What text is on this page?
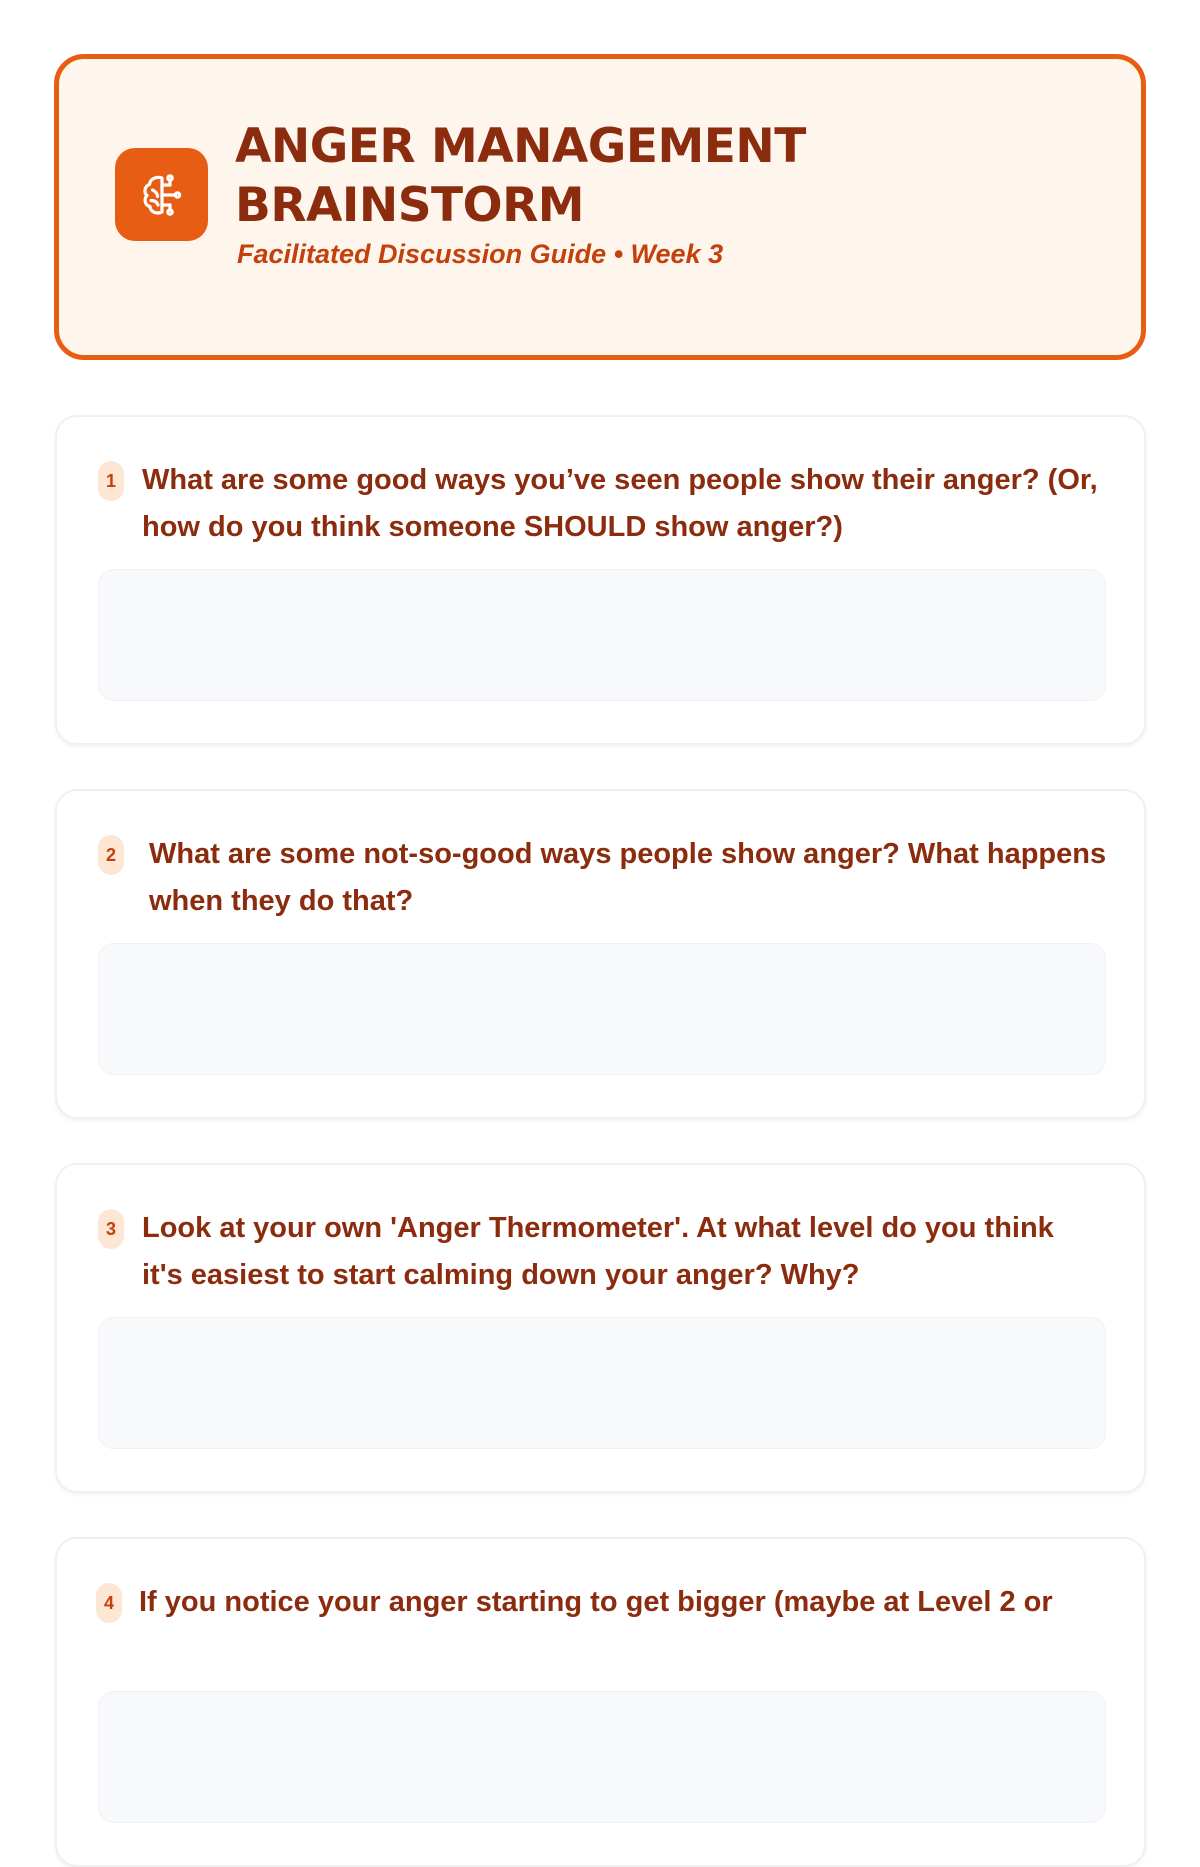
ANGER MANAGEMENT BRAINSTORM

Facilitated Discussion Guide • Week 3

1 What are some good ways you’ve seen people show their anger? (Or, how do you think someone SHOULD show anger?)

2 What are some not-so-good ways people show anger? What happens when they do that?

3 Look at your own 'Anger Thermometer'. At what level do you think it's easiest to start calming down your anger? Why?

4 If you notice your anger starting to get bigger (maybe at Level 2 or
